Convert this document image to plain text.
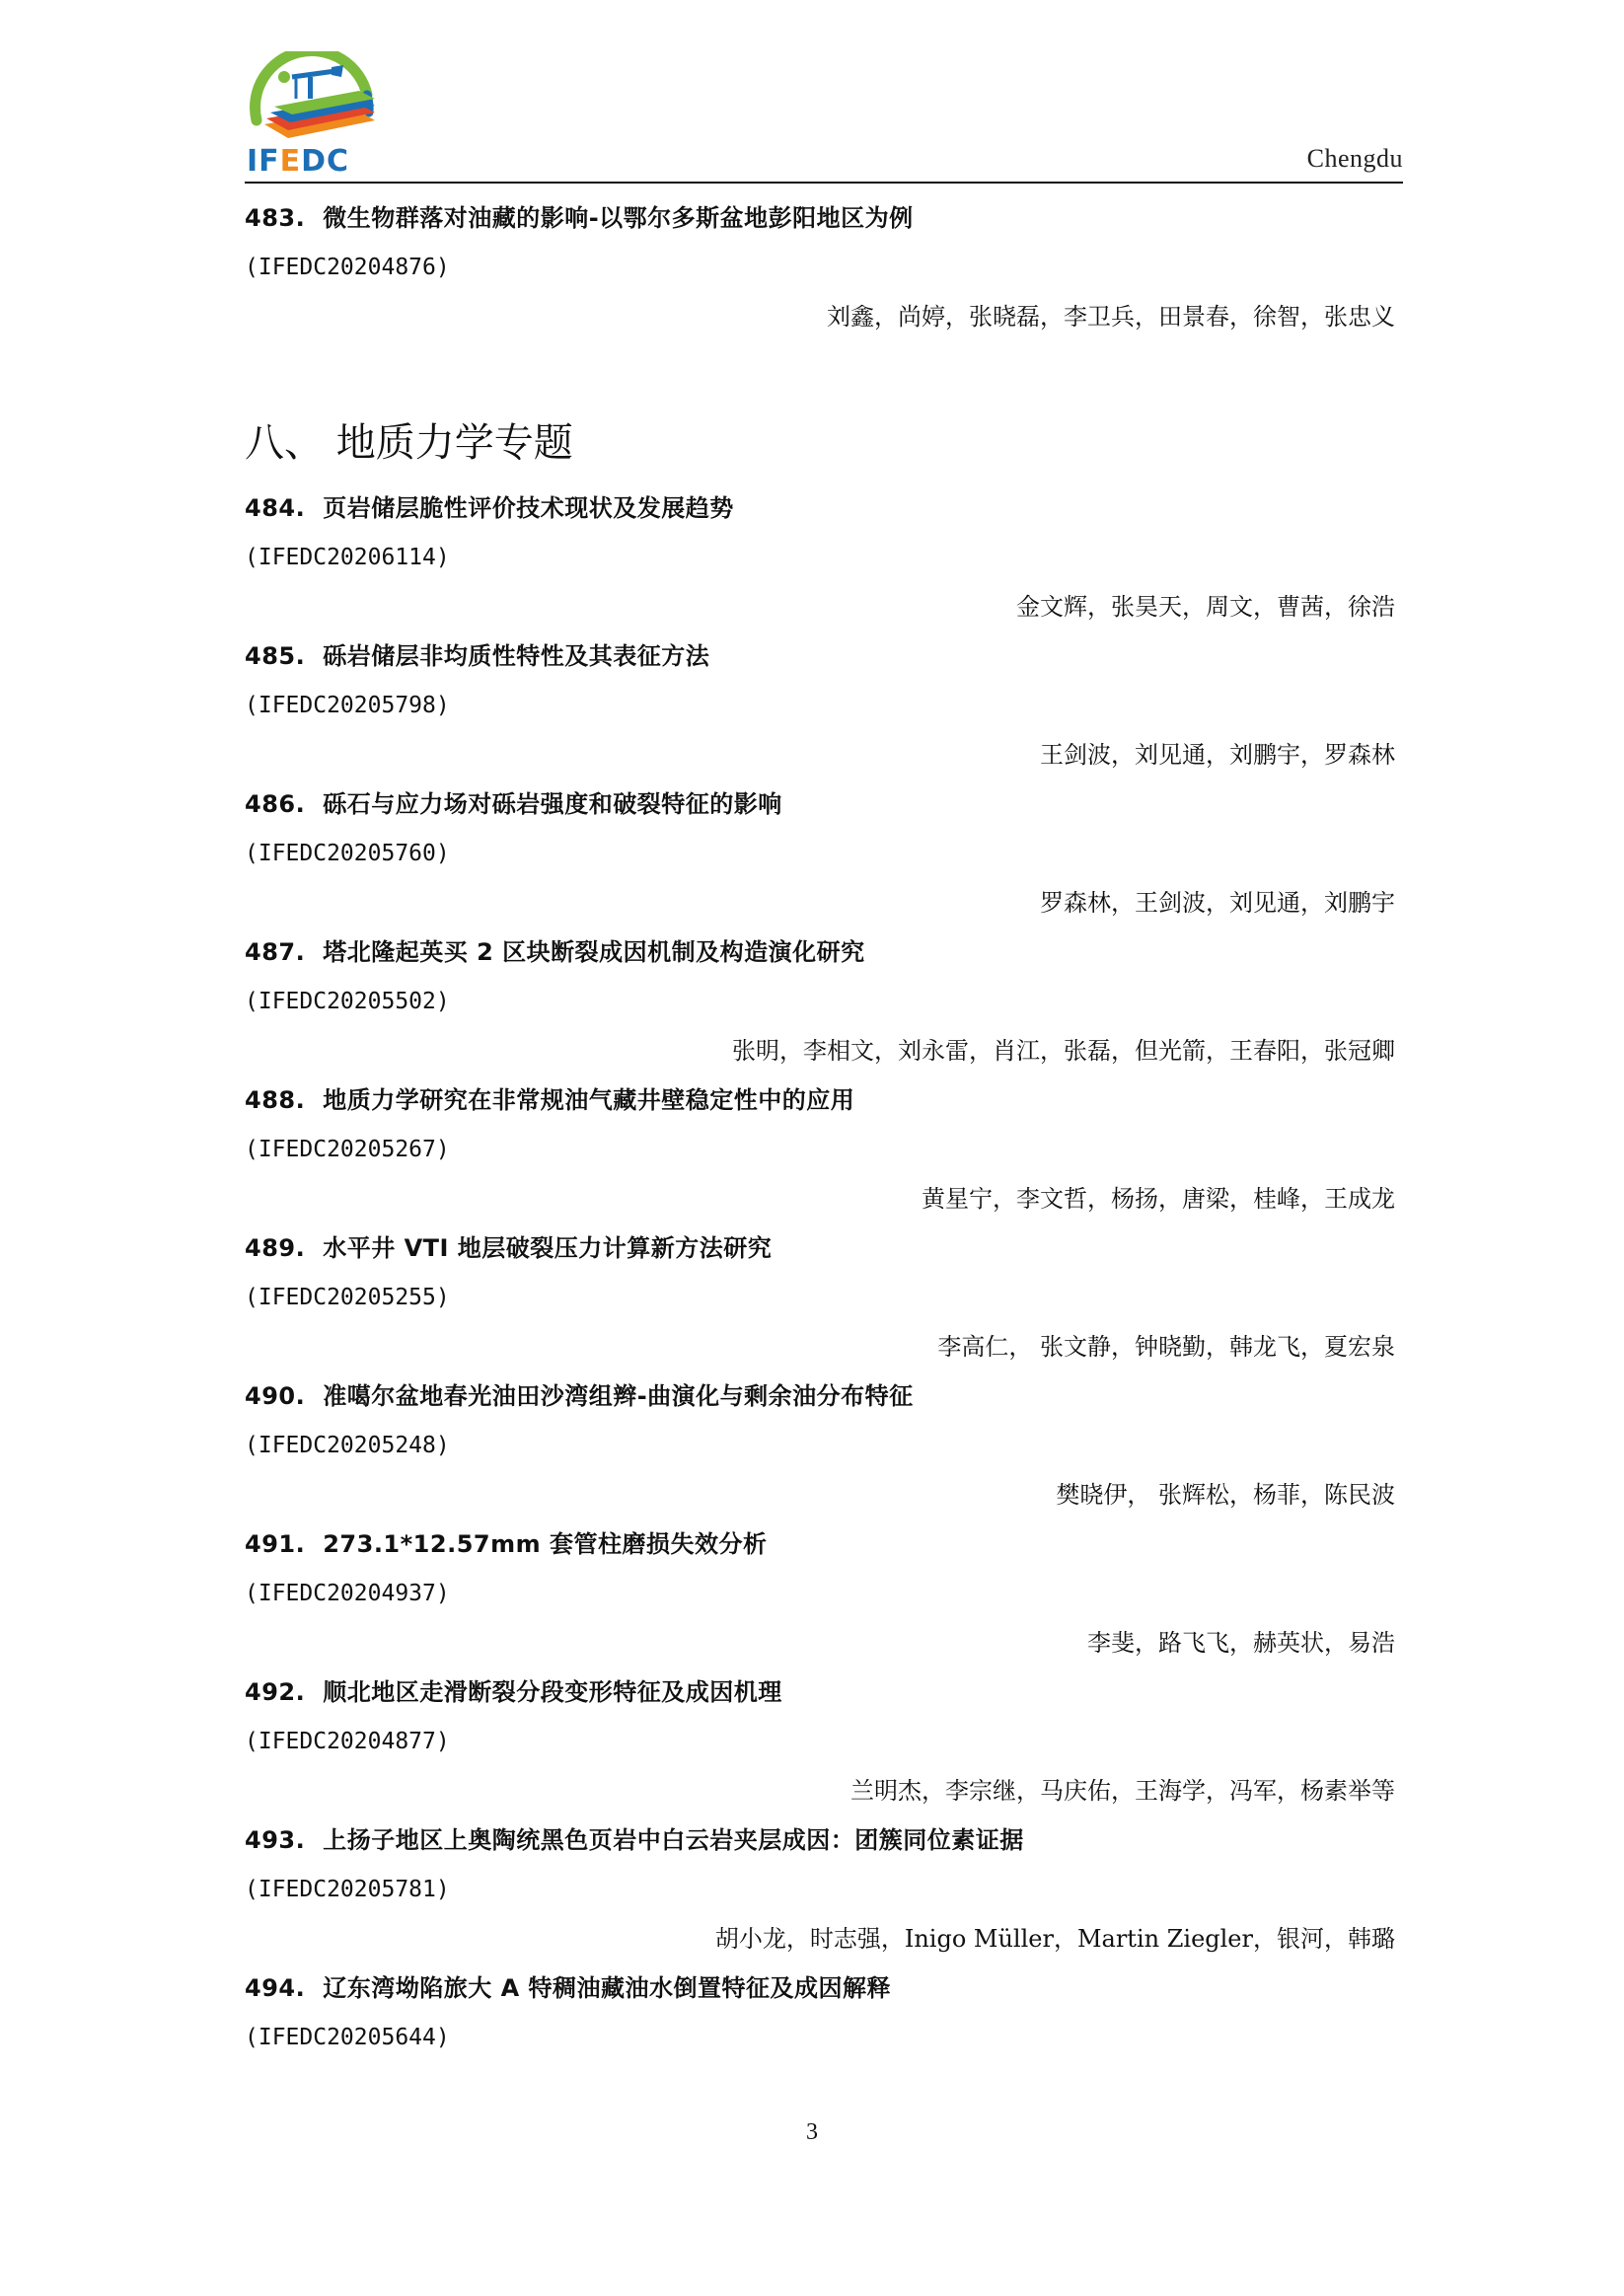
IFEDC	Chengdu
483. 微生物群落对油藏的影响-以鄂尔多斯盆地彭阳地区为例
(IFEDC20204876)
刘鑫，尚婷，张晓磊，李卫兵，田景春，徐智，张忠义
八、 地质力学专题
484. 页岩储层脆性评价技术现状及发展趋势
(IFEDC20206114)
金文辉，张昊天，周文，曹茜，徐浩
485. 砾岩储层非均质性特性及其表征方法
(IFEDC20205798)
王剑波，刘见通，刘鹏宇，罗森林
486. 砾石与应力场对砾岩强度和破裂特征的影响
(IFEDC20205760)
罗森林，王剑波，刘见通，刘鹏宇
487. 塔北隆起英买 2 区块断裂成因机制及构造演化研究
(IFEDC20205502)
张明，李相文，刘永雷，肖江，张磊，但光箭，王春阳，张冠卿
488. 地质力学研究在非常规油气藏井壁稳定性中的应用
(IFEDC20205267)
黄星宁，李文哲，杨扬，唐梁，桂峰，王成龙
489. 水平井 VTI 地层破裂压力计算新方法研究
(IFEDC20205255)
李高仁， 张文静，钟晓勤，韩龙飞，夏宏泉
490. 准噶尔盆地春光油田沙湾组辫-曲演化与剩余油分布特征
(IFEDC20205248)
樊晓伊， 张辉松，杨菲，陈民波
491. 273.1*12.57mm 套管柱磨损失效分析
(IFEDC20204937)
李斐，路飞飞，赫英状，易浩
492. 顺北地区走滑断裂分段变形特征及成因机理
(IFEDC20204877)
兰明杰，李宗继，马庆佑，王海学，冯军，杨素举等
493. 上扬子地区上奥陶统黑色页岩中白云岩夹层成因：团簇同位素证据
(IFEDC20205781)
胡小龙，时志强，Inigo Müller，Martin Ziegler，银河，韩璐
494. 辽东湾坳陷旅大 A 特稠油藏油水倒置特征及成因解释
(IFEDC20205644)
3
